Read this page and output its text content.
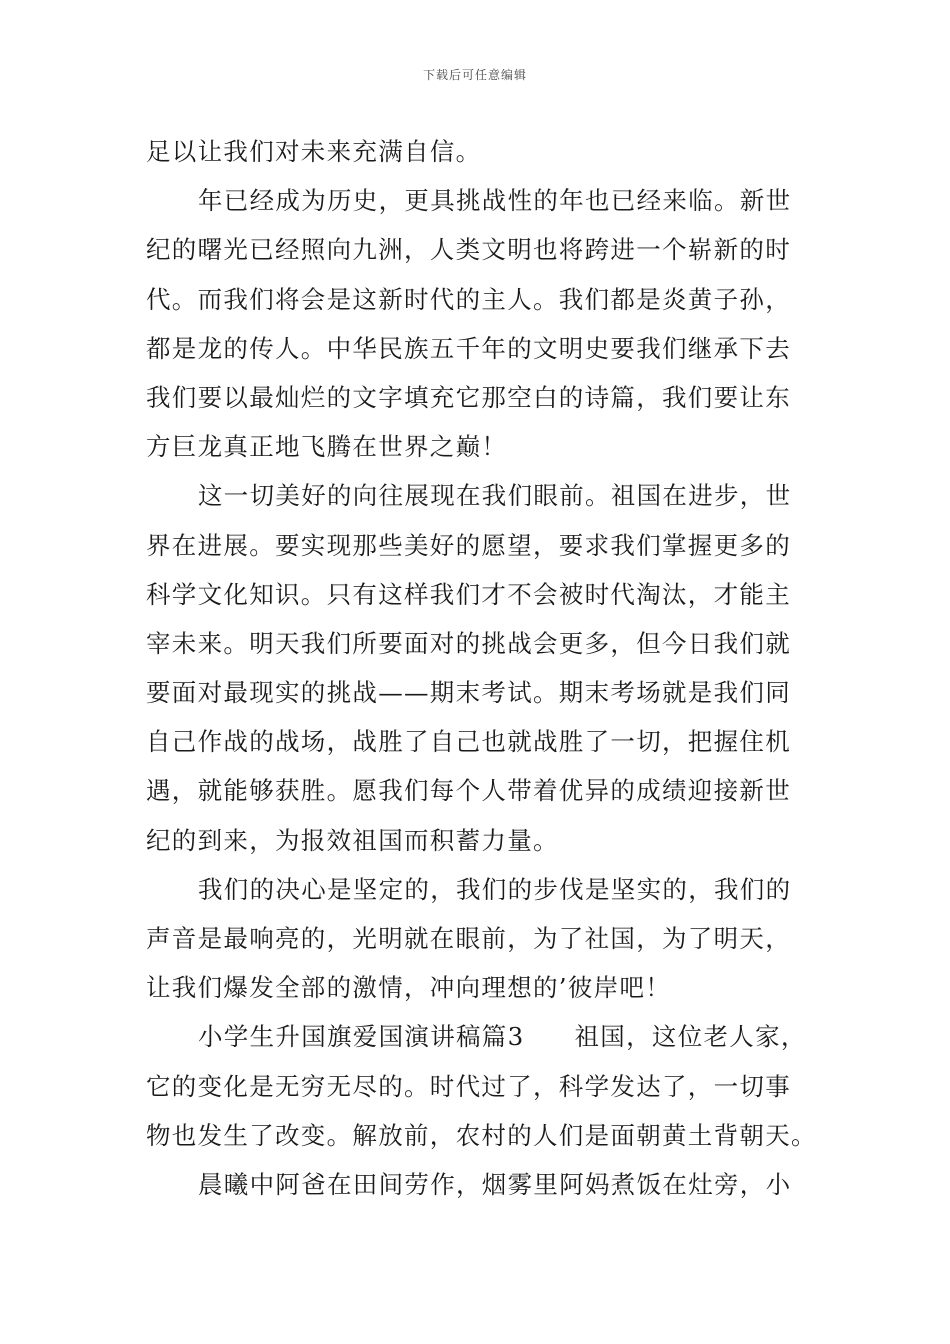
下载后可任意编辑
足以让我们对未来充满自信。
年已经成为历史，更具挑战性的年也已经来临。新世
纪的曙光已经照向九洲，人类文明也将跨进一个崭新的时
代。而我们将会是这新时代的主人。我们都是炎黄子孙，
都是龙的传人。中华民族五千年的文明史要我们继承下去
我们要以最灿烂的文字填充它那空白的诗篇，我们要让东
方巨龙真正地飞腾在世界之巅！
这一切美好的向往展现在我们眼前。祖国在进步，世
界在进展。要实现那些美好的愿望，要求我们掌握更多的
科学文化知识。只有这样我们才不会被时代淘汰，才能主
宰未来。明天我们所要面对的挑战会更多，但今日我们就
要面对最现实的挑战——期末考试。期末考场就是我们同
自己作战的战场，战胜了自己也就战胜了一切，把握住机
遇，就能够获胜。愿我们每个人带着优异的成绩迎接新世
纪的到来，为报效祖国而积蓄力量。
我们的决心是坚定的，我们的步伐是坚实的，我们的
声音是最响亮的，光明就在眼前，为了社国，为了明天，
让我们爆发全部的激情，冲向理想的’彼岸吧！
小学生升国旗爱国演讲稿篇3 祖国，这位老人家，
它的变化是无穷无尽的。时代过了，科学发达了，一切事
物也发生了改变。解放前，农村的人们是面朝黄土背朝天。
晨曦中阿爸在田间劳作，烟雾里阿妈煮饭在灶旁，小
